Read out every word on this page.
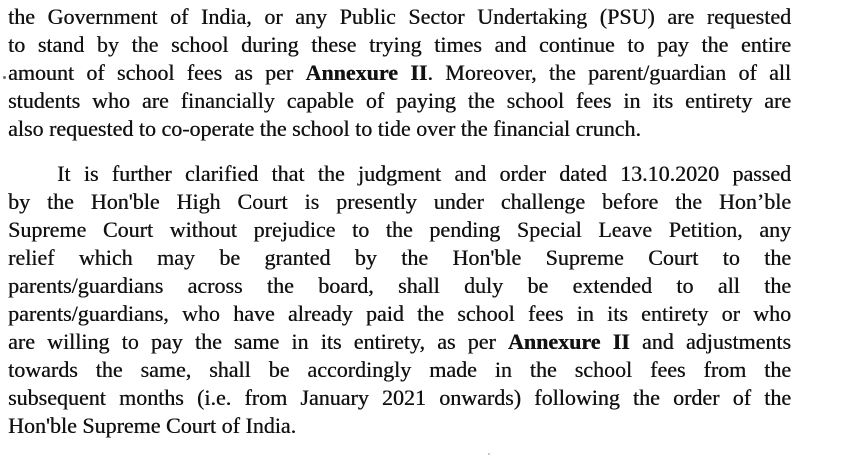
the Government of India, or any Public Sector Undertaking (PSU) are requested
to stand by the school during these trying times and continue to pay the entire
amount of school fees as per Annexure II. Moreover, the parent/guardian of all
students who are financially capable of paying the school fees in its entirety are
also requested to co-operate the school to tide over the financial crunch.
It is further clarified that the judgment and order dated 13.10.2020 passed
by the Hon'ble High Court is presently under challenge before the Hon’ble
Supreme Court without prejudice to the pending Special Leave Petition, any
relief which may be granted by the Hon'ble Supreme Court to the
parents/guardians across the board, shall duly be extended to all the
parents/guardians, who have already paid the school fees in its entirety or who
are willing to pay the same in its entirety, as per Annexure II and adjustments
towards the same, shall be accordingly made in the school fees from the
subsequent months (i.e. from January 2021 onwards) following the order of the
Hon'ble Supreme Court of India.
